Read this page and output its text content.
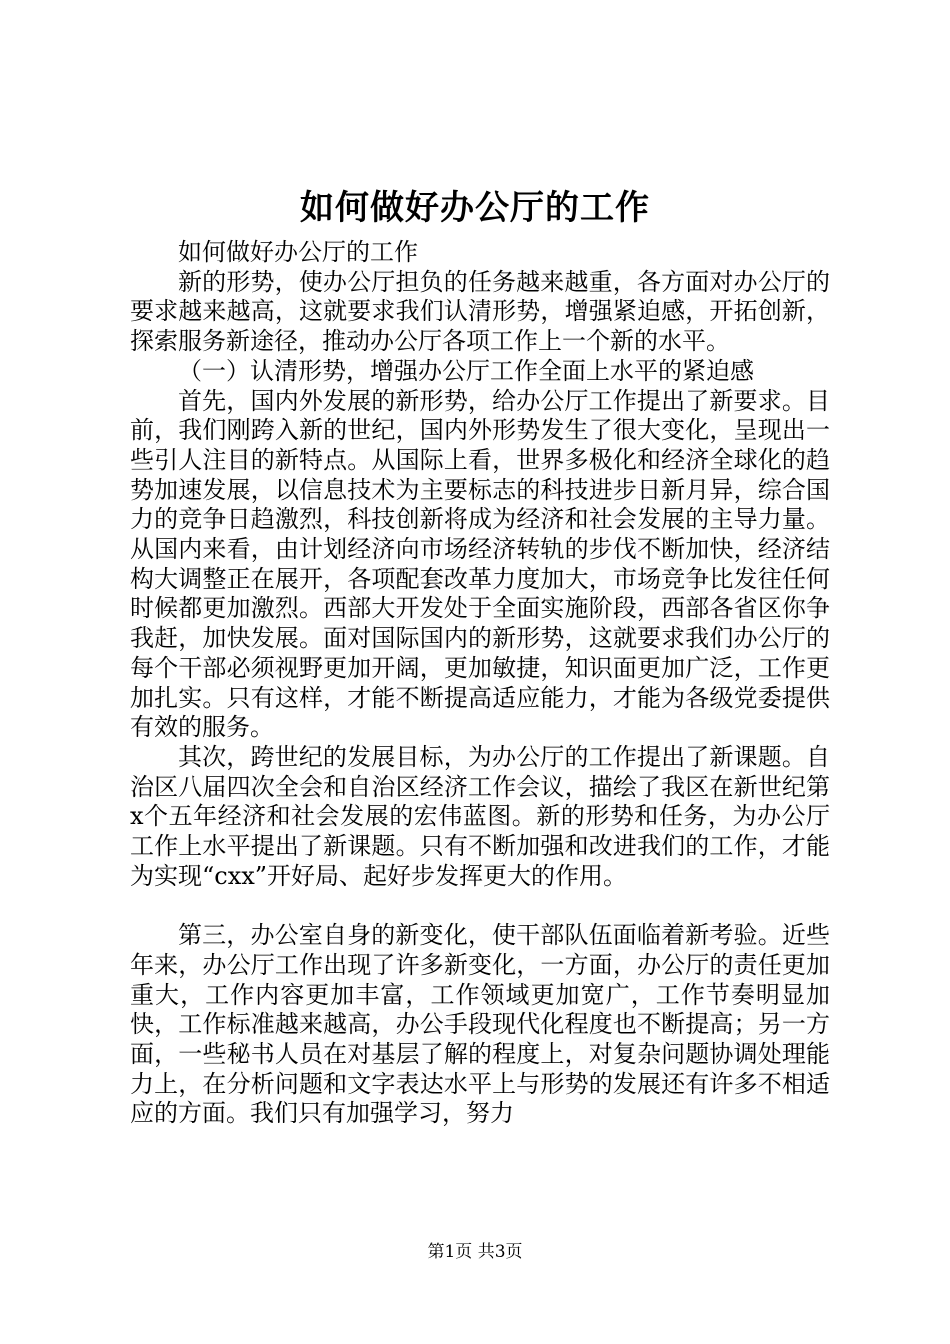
如何做好办公厅的工作

如何做好办公厅的工作

新的形势，使办公厅担负的任务越来越重，各方面对办公厅的要求越来越高，这就要求我们认清形势，增强紧迫感，开拓创新，探索服务新途径，推动办公厅各项工作上一个新的水平。

（一）认清形势，增强办公厅工作全面上水平的紧迫感

首先，国内外发展的新形势，给办公厅工作提出了新要求。目前，我们刚跨入新的世纪，国内外形势发生了很大变化，呈现出一些引人注目的新特点。从国际上看，世界多极化和经济全球化的趋势加速发展，以信息技术为主要标志的科技进步日新月异，综合国力的竞争日趋激烈，科技创新将成为经济和社会发展的主导力量。从国内来看，由计划经济向市场经济转轨的步伐不断加快，经济结构大调整正在展开，各项配套改革力度加大，市场竞争比发往任何时候都更加激烈。西部大开发处于全面实施阶段，西部各省区你争我赶，加快发展。面对国际国内的新形势，这就要求我们办公厅的每个干部必须视野更加开阔，更加敏捷，知识面更加广泛，工作更加扎实。只有这样，才能不断提高适应能力，才能为各级党委提供有效的服务。

其次，跨世纪的发展目标，为办公厅的工作提出了新课题。自治区八届四次全会和自治区经济工作会议，描绘了我区在新世纪第x个五年经济和社会发展的宏伟蓝图。新的形势和任务，为办公厅工作上水平提出了新课题。只有不断加强和改进我们的工作，才能为实现“cxx”开好局、起好步发挥更大的作用。

第三，办公室自身的新变化，使干部队伍面临着新考验。近些年来，办公厅工作出现了许多新变化，一方面，办公厅的责任更加重大，工作内容更加丰富，工作领域更加宽广，工作节奏明显加快，工作标准越来越高，办公手段现代化程度也不断提高；另一方面，一些秘书人员在对基层了解的程度上，对复杂问题协调处理能力上，在分析问题和文字表达水平上与形势的发展还有许多不相适应的方面。我们只有加强学习，努力

第1页 共3页
